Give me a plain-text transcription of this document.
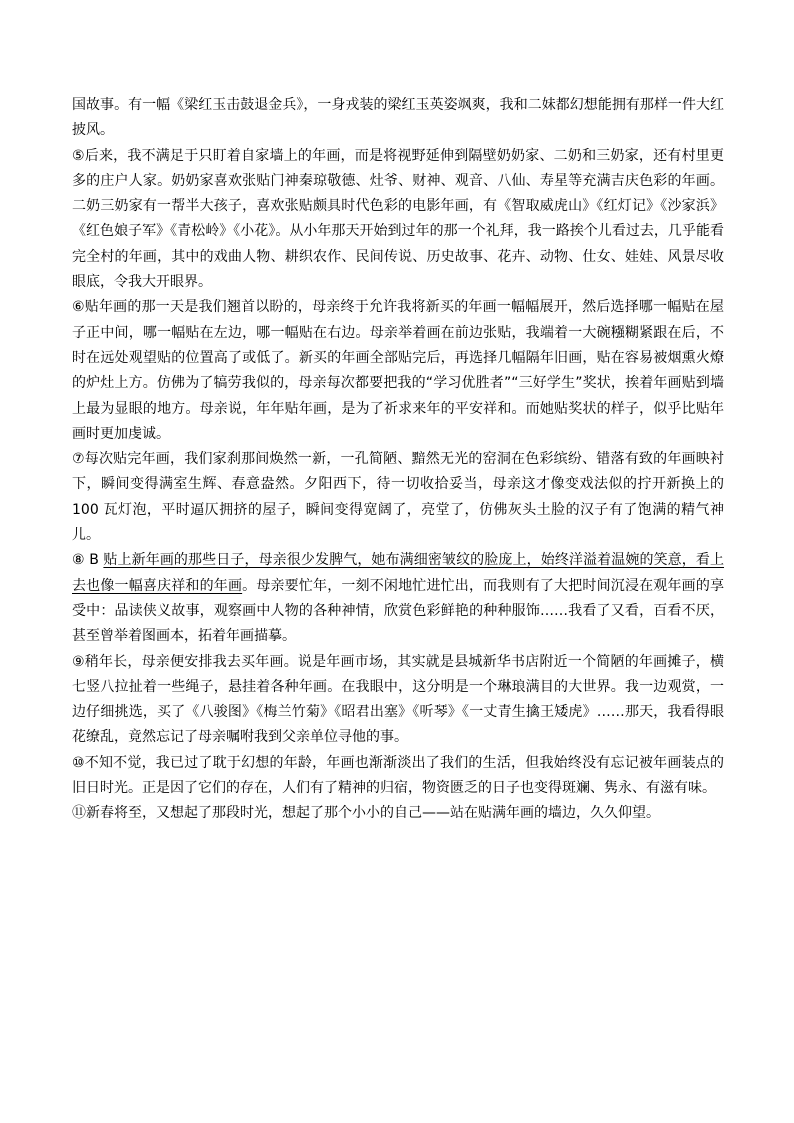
国故事。有一幅《梁红玉击鼓退金兵》，一身戎装的梁红玉英姿飒爽，我和二妹都幻想能拥有那样一件大红披风。

⑤后来，我不满足于只盯着自家墙上的年画，而是将视野延伸到隔壁奶奶家、二奶和三奶家，还有村里更多的庄户人家。奶奶家喜欢张贴门神秦琼敬德、灶爷、财神、观音、八仙、寿星等充满吉庆色彩的年画。二奶三奶家有一帮半大孩子，喜欢张贴颇具时代色彩的电影年画，有《智取威虎山》《红灯记》《沙家浜》《红色娘子军》《青松岭》《小花》。从小年那天开始到过年的那一个礼拜，我一路挨个儿看过去，几乎能看完全村的年画，其中的戏曲人物、耕织农作、民间传说、历史故事、花卉、动物、仕女、娃娃、风景尽收眼底，令我大开眼界。

⑥贴年画的那一天是我们翘首以盼的，母亲终于允许我将新买的年画一幅幅展开，然后选择哪一幅贴在屋子正中间，哪一幅贴在左边，哪一幅贴在右边。母亲举着画在前边张贴，我端着一大碗糨糊紧跟在后，不时在远处观望贴的位置高了或低了。新买的年画全部贴完后，再选择几幅隔年旧画，贴在容易被烟熏火燎的炉灶上方。仿佛为了犒劳我似的，母亲每次都要把我的“学习优胜者”“三好学生”奖状，挨着年画贴到墙上最为显眼的地方。母亲说，年年贴年画，是为了祈求来年的平安祥和。而她贴奖状的样子，似乎比贴年画时更加虔诚。

⑦每次贴完年画，我们家刹那间焕然一新，一孔简陋、黯然无光的窑洞在色彩缤纷、错落有致的年画映衬下，瞬间变得满室生辉、春意盎然。夕阳西下，待一切收拾妥当，母亲这才像变戏法似的拧开新换上的100 瓦灯泡，平时逼仄拥挤的屋子，瞬间变得宽阔了，亮堂了，仿佛灰头土脸的汉子有了饱满的精气神儿。

⑧ B 贴上新年画的那些日子，母亲很少发脾气，她布满细密皱纹的脸庞上，始终洋溢着温婉的笑意，看上去也像一幅喜庆祥和的年画。母亲要忙年，一刻不闲地忙进忙出，而我则有了大把时间沉浸在观年画的享受中：品读侠义故事，观察画中人物的各种神情，欣赏色彩鲜艳的种种服饰……我看了又看，百看不厌，甚至曾举着图画本，拓着年画描摹。

⑨稍年长，母亲便安排我去买年画。说是年画市场，其实就是县城新华书店附近一个简陋的年画摊子，横七竖八拉扯着一些绳子，悬挂着各种年画。在我眼中，这分明是一个琳琅满目的大世界。我一边观赏，一边仔细挑选，买了《八骏图》《梅兰竹菊》《昭君出塞》《听琴》《一丈青生擒王矮虎》……那天，我看得眼花缭乱，竟然忘记了母亲嘱咐我到父亲单位寻他的事。

⑩不知不觉，我已过了耽于幻想的年龄，年画也渐渐淡出了我们的生活，但我始终没有忘记被年画装点的旧日时光。正是因了它们的存在，人们有了精神的归宿，物资匮乏的日子也变得斑斓、隽永、有滋有味。

⑪新春将至，又想起了那段时光，想起了那个小小的自己——站在贴满年画的墙边，久久仰望。
